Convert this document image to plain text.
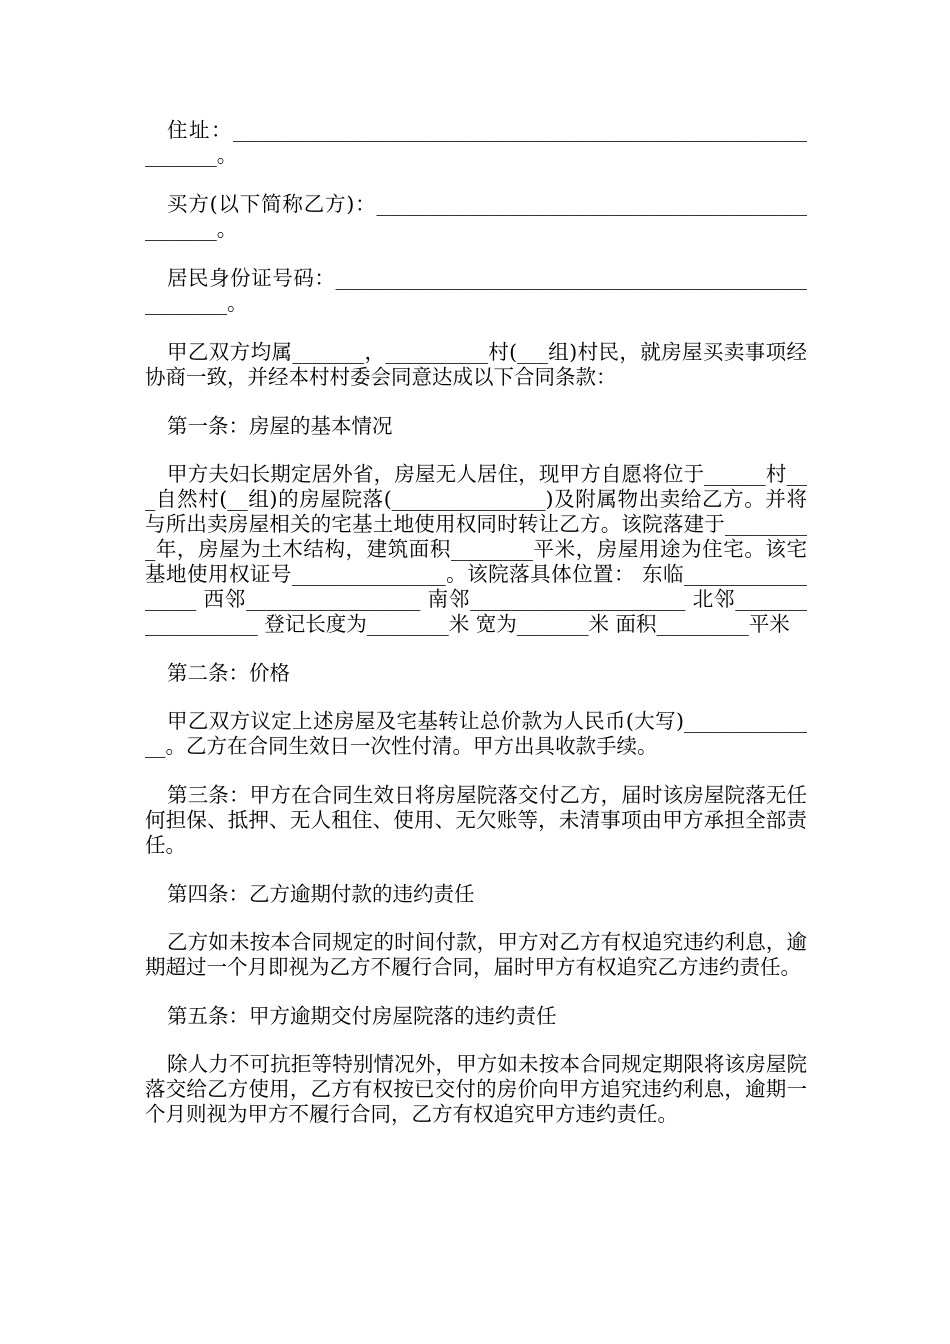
住址：_______________________________________________________________。

买方(以下简称乙方)：_________________________________________________。

居民身份证号码：______________________________________________________。

甲乙双方均属_______，__________村(___组)村民，就房屋买卖事项经协商一致，并经本村村委会同意达成以下合同条款：

第一条：房屋的基本情况

甲方夫妇长期定居外省，房屋无人居住，现甲方自愿将位于______村___自然村(__组)的房屋院落(_______________)及附属物出卖给乙方。并将与所出卖房屋相关的宅基土地使用权同时转让乙方。该院落建于_________年，房屋为土木结构，建筑面积________平米，房屋用途为住宅。该宅基地使用权证号_______________。该院落具体位置： 东临_________________ 西邻_________________ 南邻_____________________ 北邻__________________ 登记长度为________米 宽为_______米 面积_________平米

第二条：价格

甲乙双方议定上述房屋及宅基转让总价款为人民币(大写)______________。乙方在合同生效日一次性付清。甲方出具收款手续。

第三条：甲方在合同生效日将房屋院落交付乙方，届时该房屋院落无任何担保、抵押、无人租住、使用、无欠账等，未清事项由甲方承担全部责任。

第四条：乙方逾期付款的违约责任

乙方如未按本合同规定的时间付款，甲方对乙方有权追究违约利息，逾期超过一个月即视为乙方不履行合同，届时甲方有权追究乙方违约责任。

第五条：甲方逾期交付房屋院落的违约责任

除人力不可抗拒等特别情况外，甲方如未按本合同规定期限将该房屋院落交给乙方使用，乙方有权按已交付的房价向甲方追究违约利息，逾期一个月则视为甲方不履行合同，乙方有权追究甲方违约责任。
